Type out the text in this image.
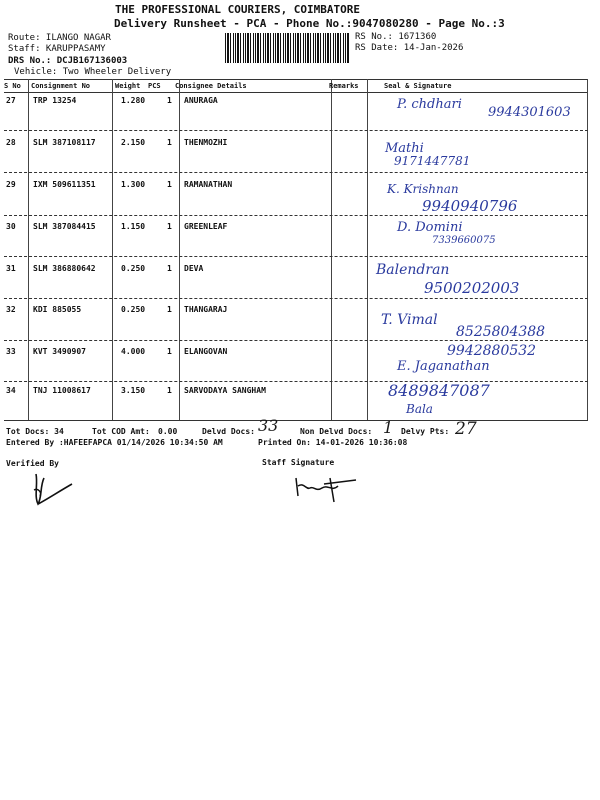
THE PROFESSIONAL COURIERS, COIMBATORE
Delivery Runsheet - PCA - Phone No.:9047080280 - Page No.:3
Route: ILANGO NAGAR
Staff: KARUPPASAMY
DRS No.: DCJB167136003
Vehicle: Two Wheeler Delivery
RS No.: 1671360
RS Date: 14-Jan-2026
S No Consignment No	Weight PCS Consignee Details	Remarks	Seal & Signature
27 TRP 13254	1.280	1 ANURAGA	P. chdhari
9944301603
28 SLM 387108117	2.150	1 THENMOZHI	Mathi
9171447781
29 IXM 509611351	1.300	1 RAMANATHAN	K. Krishnan
9940940796
30 SLM 387084415	1.150	1 GREENLEAF	D. Domini
7339660075
31 SLM 386880642	0.250	1 DEVA	Balendran
9500202003
32 KDI 885055	0.250	1 THANGARAJ
T. Vimal
8525804388
33 KVT 3490907	4.000	1 ELANGOVAN	9942880532
E. Jaganathan
34 TNJ 11008617	3.150	1 SARVODAYA SANGHAM	8489847087
Bala
Tot Docs: 34	Tot COD Amt: 0.00	Delvd Docs: 33	Non Delvd Docs: 1 Delvy Pts: 27
Entered By :HAFEEFAPCA 01/14/2026 10:34:50 AM	Printed On: 14-01-2026 10:36:08
Verified By	Staff Signature
